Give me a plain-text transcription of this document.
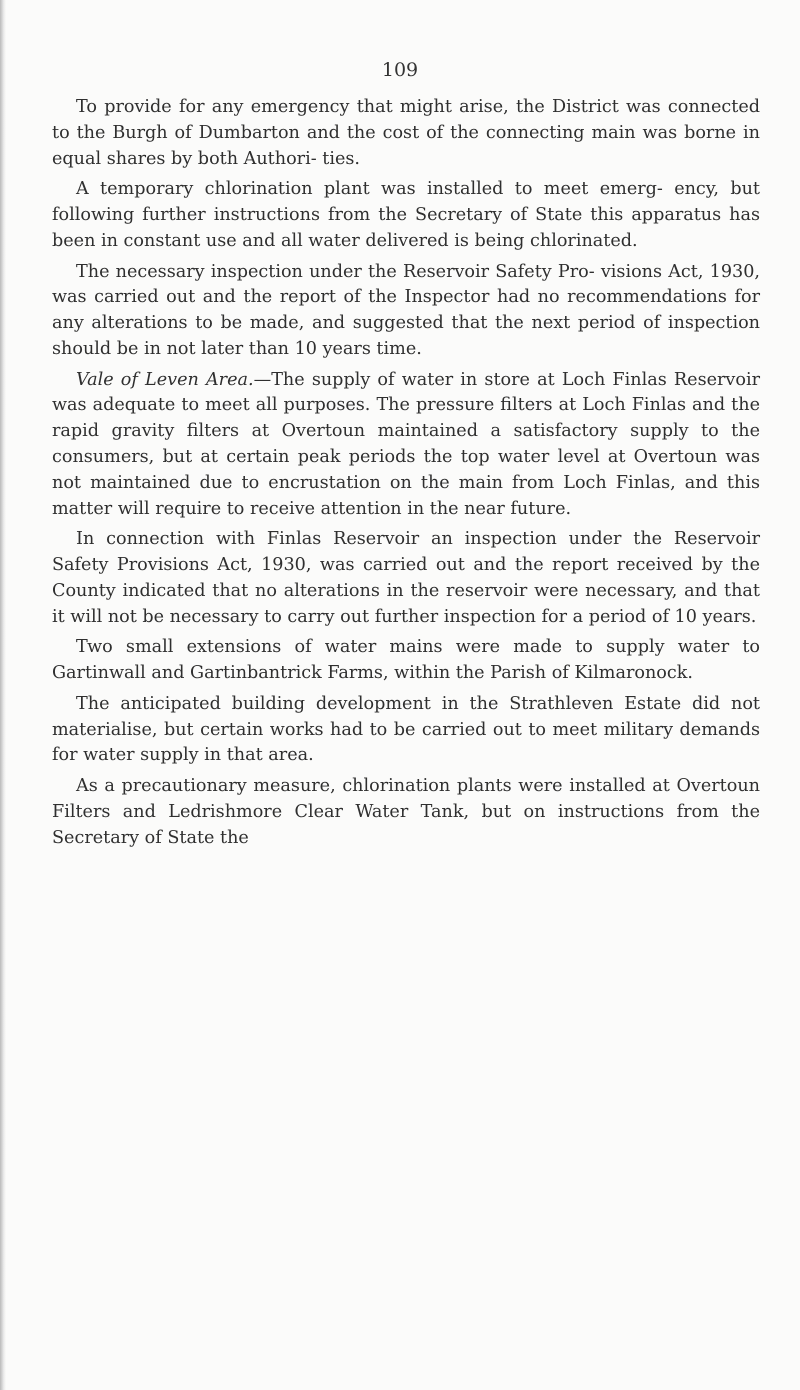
109

To provide for any emergency that might arise, the District was connected to the Burgh of Dumbarton and the cost of the connecting main was borne in equal shares by both Authori- ties.

A temporary chlorination plant was installed to meet emerg- ency, but following further instructions from the Secretary of State this apparatus has been in constant use and all water delivered is being chlorinated.

The necessary inspection under the Reservoir Safety Pro- visions Act, 1930, was carried out and the report of the Inspector had no recommendations for any alterations to be made, and suggested that the next period of inspection should be in not later than 10 years time.

Vale of Leven Area.—The supply of water in store at Loch Finlas Reservoir was adequate to meet all purposes. The pressure filters at Loch Finlas and the rapid gravity filters at Overtoun maintained a satisfactory supply to the consumers, but at certain peak periods the top water level at Overtoun was not maintained due to encrustation on the main from Loch Finlas, and this matter will require to receive attention in the near future.

In connection with Finlas Reservoir an inspection under the Reservoir Safety Provisions Act, 1930, was carried out and the report received by the County indicated that no alterations in the reservoir were necessary, and that it will not be necessary to carry out further inspection for a period of 10 years.

Two small extensions of water mains were made to supply water to Gartinwall and Gartinbantrick Farms, within the Parish of Kilmaronock.

The anticipated building development in the Strathleven Estate did not materialise, but certain works had to be carried out to meet military demands for water supply in that area.

As a precautionary measure, chlorination plants were installed at Overtoun Filters and Ledrishmore Clear Water Tank, but on instructions from the Secretary of State the
